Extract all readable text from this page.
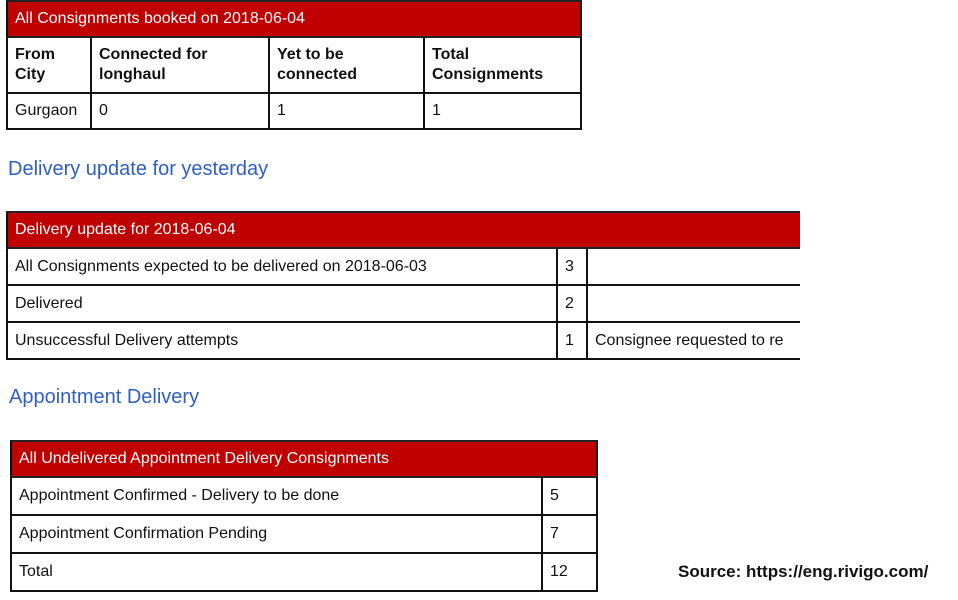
All Consignments booked on 2018-06-04			
From City	Connected for longhaul	Yet to be connected	Total Consignments
Gurgaon	0	1	1
Delivery update for yesterday
Delivery update for 2018-06-04		
All Consignments expected to be delivered on 2018-06-03	3	
Delivered	2	
Unsuccessful Delivery attempts	1	Consignee requested to re
Appointment Delivery
All Undelivered Appointment Delivery Consignments	
Appointment Confirmed - Delivery to be done	5
Appointment Confirmation Pending	7
Total	12	Source: https://eng.rivigo.com/
